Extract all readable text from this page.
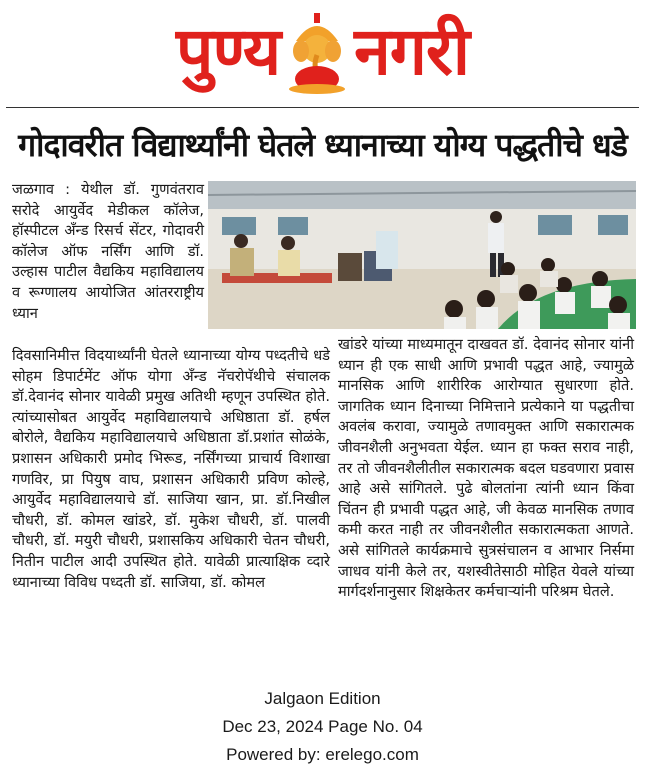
पुण्य नगरी
गोदावरीत विद्यार्थ्यांनी घेतले ध्यानाच्या योग्य पद्धतीचे धडे
जळगाव : येथील डॉ. गुणवंतराव सरोदे आयुर्वेद मेडीकल कॉलेज, हॉस्पीटल अँन्ड रिसर्च सेंटर, गोदावरी कॉलेज ऑफ नर्सिंग आणि डॉ. उल्हास पाटील वैद्यकिय महाविद्यालय व रूग्णालय आयोजित आंतरराष्ट्रीय ध्यान
दिवसानिमीत्त विदयार्थ्यांनी घेतले ध्यानाच्या योग्य पध्दतीचे धडे सोहम डिपार्टमेंट ऑफ योगा अँन्ड नॅचरोपॅथीचे संचालक डॉ.देवानंद सोनार यावेळी प्रमुख अतिथी म्हणून उपस्थित होते. त्यांच्यासोबत आयुर्वेद महाविद्यालयाचे अधिष्ठाता डॉ. हर्षल बोरोले, वैद्यकिय महाविद्यालयाचे अधिष्ठाता डॉ.प्रशांत सोळंके, प्रशासन अधिकारी प्रमोद भिरूड, नर्सिंगच्या प्राचार्य विशाखा गणविर, प्रा पियुष वाघ, प्रशासन अधिकारी प्रविण कोल्हे, आयुर्वेद महाविद्यालयाचे डॉ. साजिया खान, प्रा. डॉ.निखील चौधरी, डॉ. कोमल खांडरे, डॉ. मुकेश चौधरी, डॉ. पालवी चौधरी, डॉ. मयुरी चौधरी, प्रशासकिय अधिकारी चेतन चौधरी, नितीन पाटील आदी उपस्थित होते. यावेळी प्रात्याक्षिक व्दारे ध्यानाच्या विविध पध्दती डॉ. साजिया, डॉ. कोमल
खांडरे यांच्या माध्यमातून दाखवत डॉ. देवानंद सोनार यांनी ध्यान ही एक साधी आणि प्रभावी पद्धत आहे, ज्यामुळे मानसिक आणि शारीरिक आरोग्यात सुधारणा होते. जागतिक ध्यान दिनाच्या निमित्ताने प्रत्येकाने या पद्धतीचा अवलंब करावा, ज्यामुळे तणावमुक्त आणि सकारात्मक जीवनशैली अनुभवता येईल. ध्यान हा फक्त सराव नाही, तर तो जीवनशैलीतील सकारात्मक बदल घडवणारा प्रवास आहे असे सांगितले. पुढे बोलतांना त्यांनी ध्यान किंवा चिंतन ही प्रभावी पद्धत आहे, जी केवळ मानसिक तणाव कमी करत नाही तर जीवनशैलीत सकारात्मकता आणते. असे सांगितले कार्यक्रमाचे सुत्रसंचालन व आभार निर्समा जाधव यांनी केले तर, यशस्वीतेसाठी मोहित येवले यांच्या मार्गदर्शनानुसार शिक्षकेतर कर्मचाऱ्यांनी परिश्रम घेतले.
Jalgaon Edition
Dec 23, 2024 Page No. 04
Powered by: erelego.com
